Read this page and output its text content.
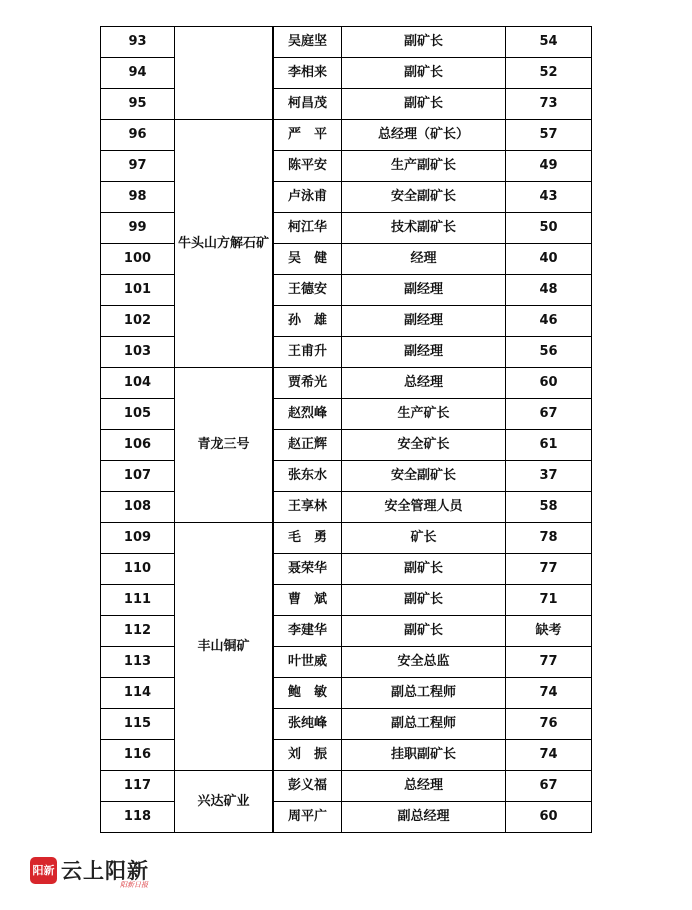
93			吴庭坚	副矿长	54
94		李相来	副矿长	52
95		柯昌茂	副矿长	73
96	牛头山方解石矿		严　平	总经理（矿长）	57
97		陈平安	生产副矿长	49
98		卢泳甫	安全副矿长	43
99		柯江华	技术副矿长	50
100		吴　健	经理	40
101		王德安	副经理	48
102		孙　雄	副经理	46
103		王甫升	副经理	56
104	青龙三号		贾希光	总经理	60
105		赵烈峰	生产矿长	67
106		赵正辉	安全矿长	61
107		张东水	安全副矿长	37
108		王享林	安全管理人员	58
109	丰山铜矿		毛　勇	矿长	78
110		聂荣华	副矿长	77
111		曹　斌	副矿长	71
112		李建华	副矿长	缺考
113		叶世威	安全总监	77
114		鲍　敏	副总工程师	74
115		张纯峰	副总工程师	76
116		刘　振	挂职副矿长	74
117	兴达矿业		彭义福	总经理	67
118		周平广	副总经理	60
阳新 云上阳新
阳新日报
